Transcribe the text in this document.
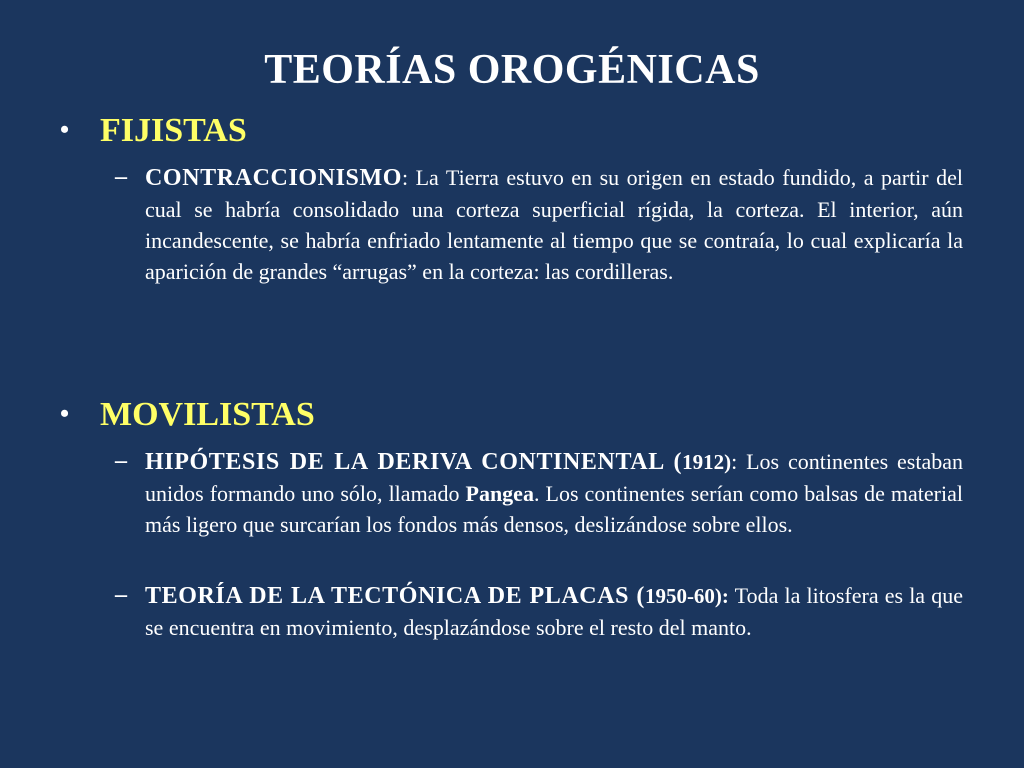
TEORÍAS OROGÉNICAS
• FIJISTAS
– CONTRACCIONISMO: La Tierra estuvo en su origen en estado fundido, a partir del cual se habría consolidado una corteza superficial rígida, la corteza. El interior, aún incandescente, se habría enfriado lentamente al tiempo que se contraía, lo cual explicaría la aparición de grandes “arrugas” en la corteza: las cordilleras.
• MOVILISTAS
– HIPÓTESIS DE LA DERIVA CONTINENTAL (1912): Los continentes estaban unidos formando uno sólo, llamado Pangea. Los continentes serían como balsas de material más ligero que surcarían los fondos más densos, deslizándose sobre ellos.
– TEORÍA DE LA TECTÓNICA DE PLACAS (1950-60): Toda la litosfera es la que se encuentra en movimiento, desplazándose sobre el resto del manto.
